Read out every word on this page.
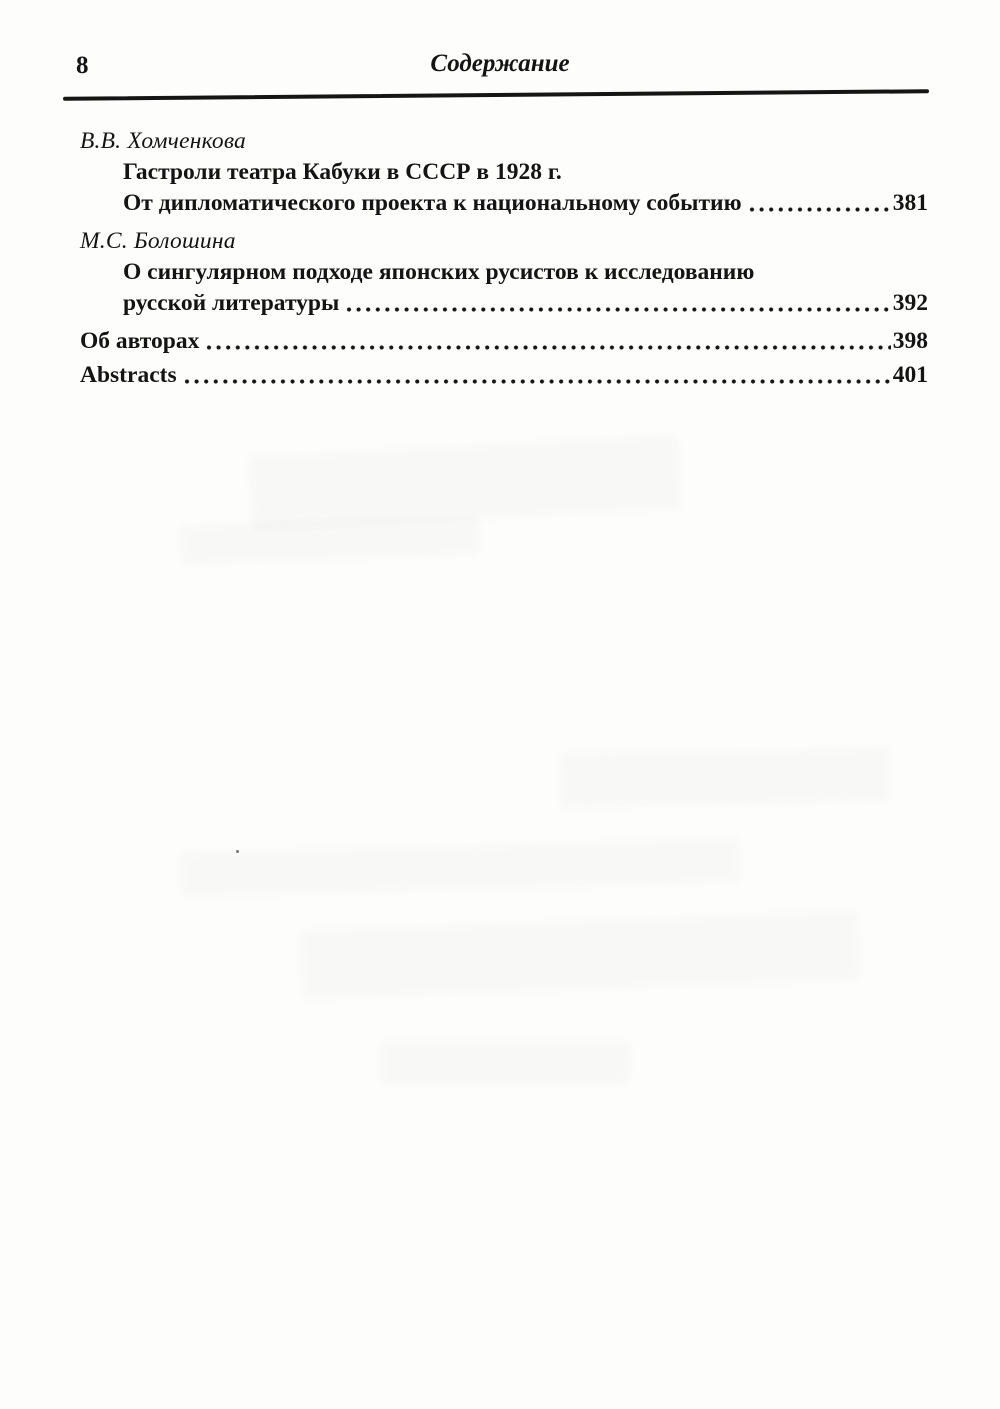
8	Содержание
В.В. Хомченкова
Гастроли театра Кабуки в СССР в 1928 г.
От дипломатического проекта к национальному событию	381
М.С. Болошина
О сингулярном подходе японских русистов к исследованию
русской литературы	392
Об авторах	398
Abstracts	401
